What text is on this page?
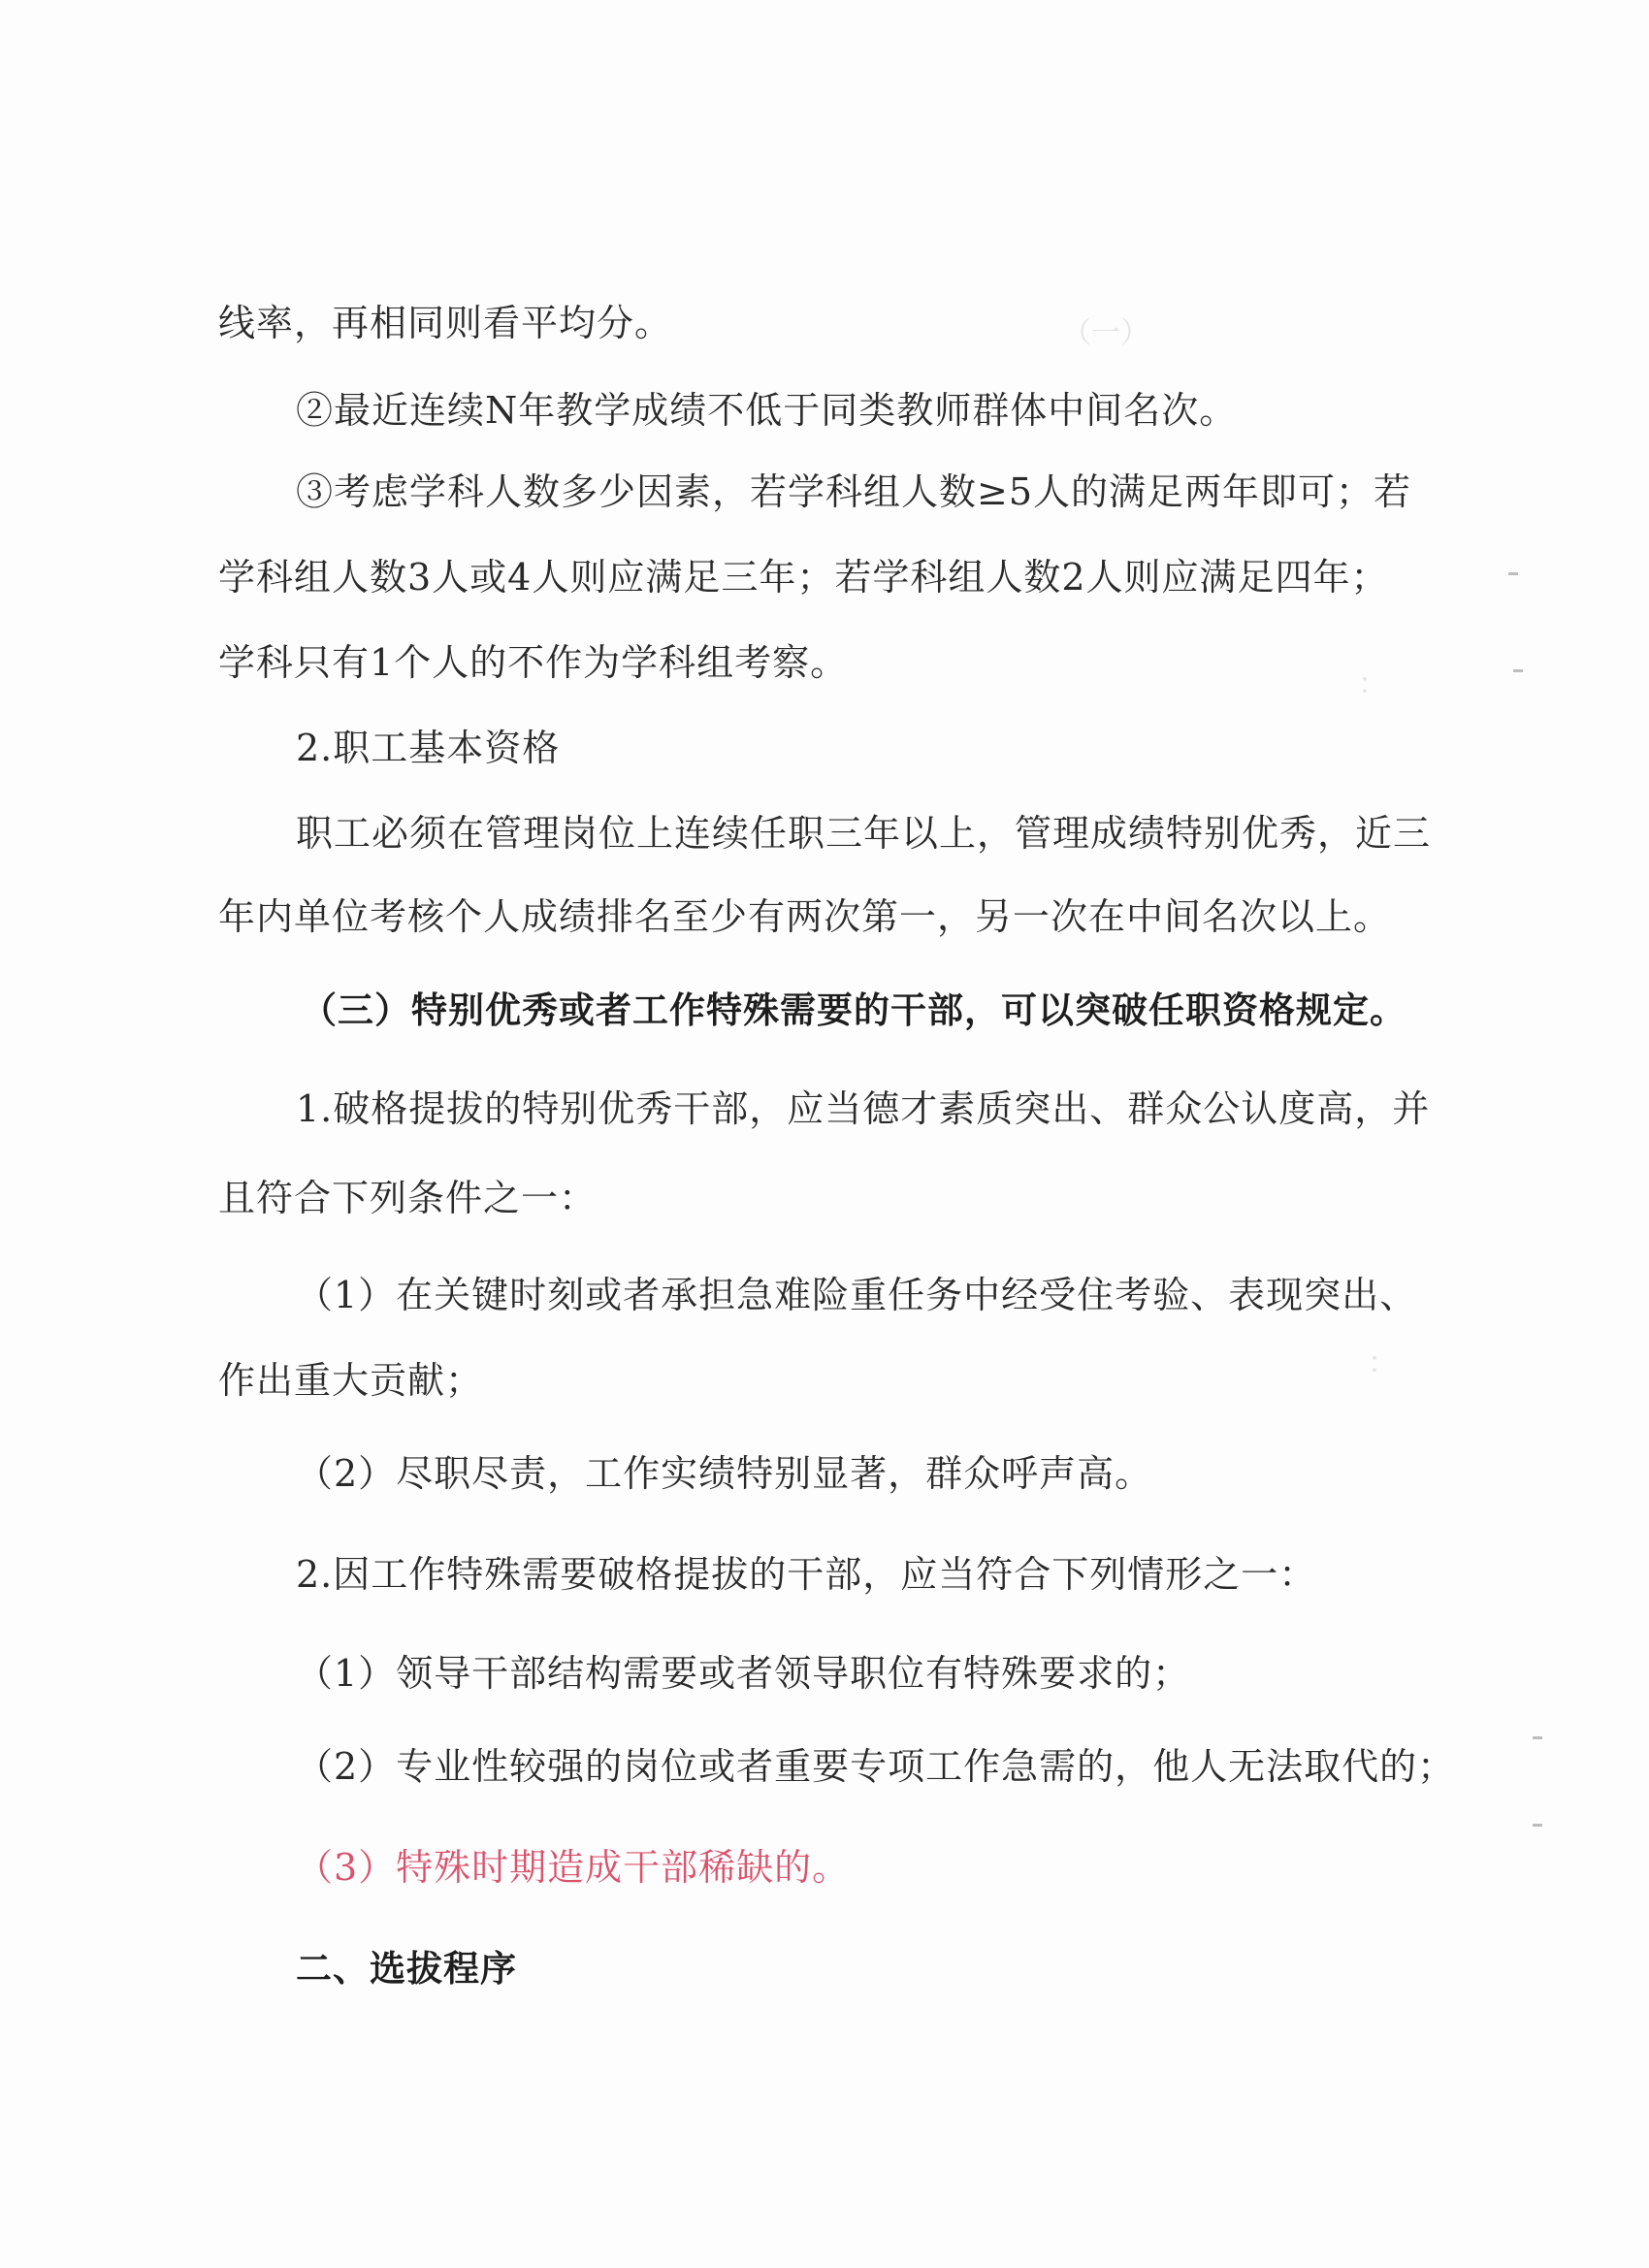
（一）
：
：
线率，再相同则看平均分。
②最近连续N年教学成绩不低于同类教师群体中间名次。
③考虑学科人数多少因素，若学科组人数≥5人的满足两年即可；若
学科组人数3人或4人则应满足三年；若学科组人数2人则应满足四年；
学科只有1个人的不作为学科组考察。
2.职工基本资格
职工必须在管理岗位上连续任职三年以上，管理成绩特别优秀，近三
年内单位考核个人成绩排名至少有两次第一，另一次在中间名次以上。
（三）特别优秀或者工作特殊需要的干部，可以突破任职资格规定。
1.破格提拔的特别优秀干部，应当德才素质突出、群众公认度高，并
且符合下列条件之一：
（1）在关键时刻或者承担急难险重任务中经受住考验、表现突出、
作出重大贡献；
（2）尽职尽责，工作实绩特别显著，群众呼声高。
2.因工作特殊需要破格提拔的干部，应当符合下列情形之一：
（1）领导干部结构需要或者领导职位有特殊要求的；
（2）专业性较强的岗位或者重要专项工作急需的，他人无法取代的；
（3）特殊时期造成干部稀缺的。
二、选拔程序
